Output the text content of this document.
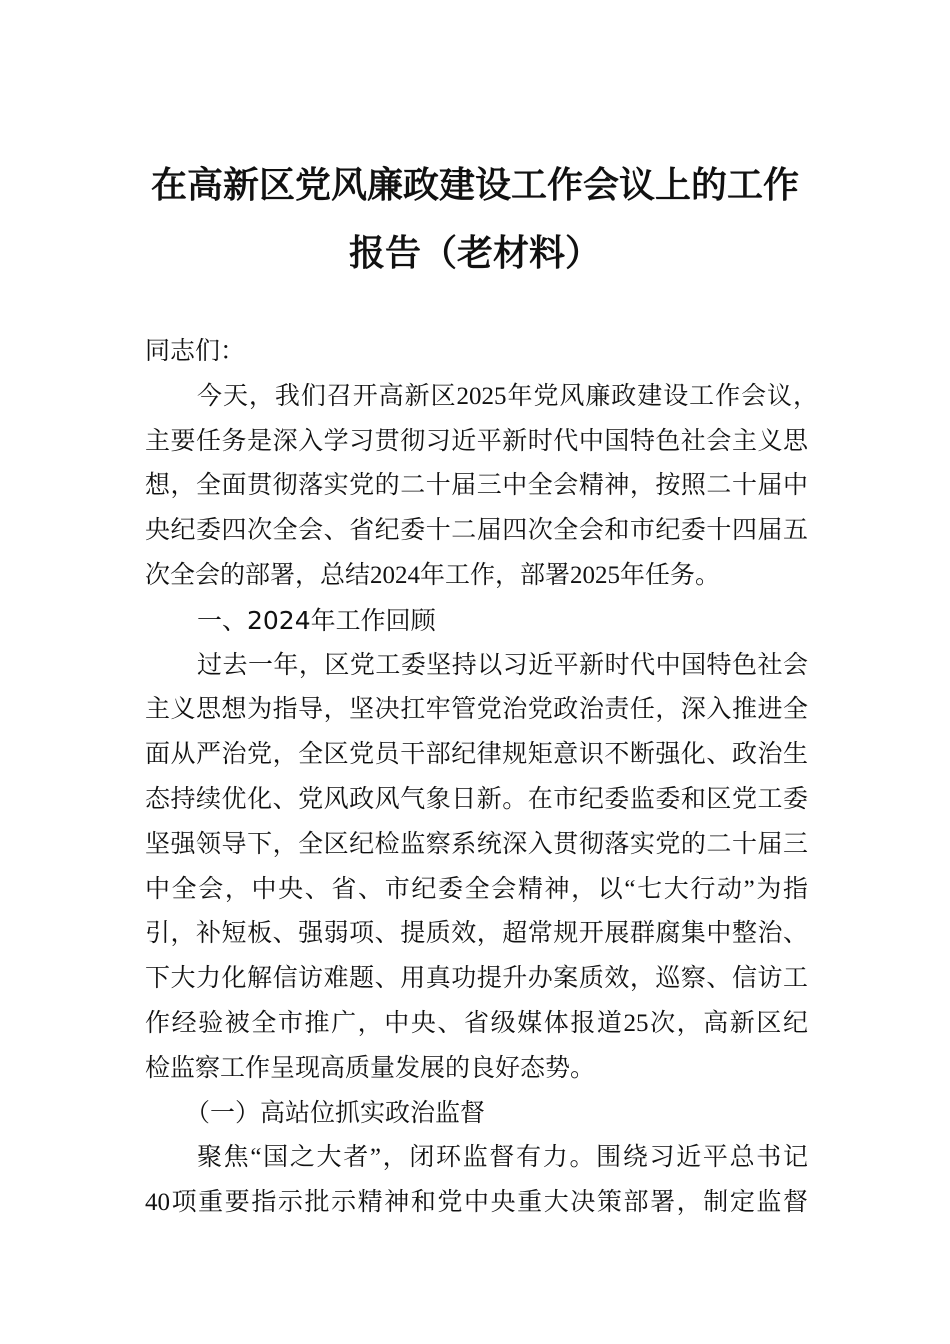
在高新区党风廉政建设工作会议上的工作
报告（老材料）
同志们：
今天，我们召开高新区2025年党风廉政建设工作会议，
主要任务是深入学习贯彻习近平新时代中国特色社会主义思
想，全面贯彻落实党的二十届三中全会精神，按照二十届中
央纪委四次全会、省纪委十二届四次全会和市纪委十四届五
次全会的部署，总结2024年工作，部署2025年任务。
一、2024年工作回顾
过去一年，区党工委坚持以习近平新时代中国特色社会
主义思想为指导，坚决扛牢管党治党政治责任，深入推进全
面从严治党，全区党员干部纪律规矩意识不断强化、政治生
态持续优化、党风政风气象日新。在市纪委监委和区党工委
坚强领导下，全区纪检监察系统深入贯彻落实党的二十届三
中全会，中央、省、市纪委全会精神，以“七大行动”为指
引，补短板、强弱项、提质效，超常规开展群腐集中整治、
下大力化解信访难题、用真功提升办案质效，巡察、信访工
作经验被全市推广，中央、省级媒体报道25次，高新区纪
检监察工作呈现高质量发展的良好态势。
（一）高站位抓实政治监督
聚焦“国之大者”，闭环监督有力。围绕习近平总书记
40项重要指示批示精神和党中央重大决策部署，制定监督
